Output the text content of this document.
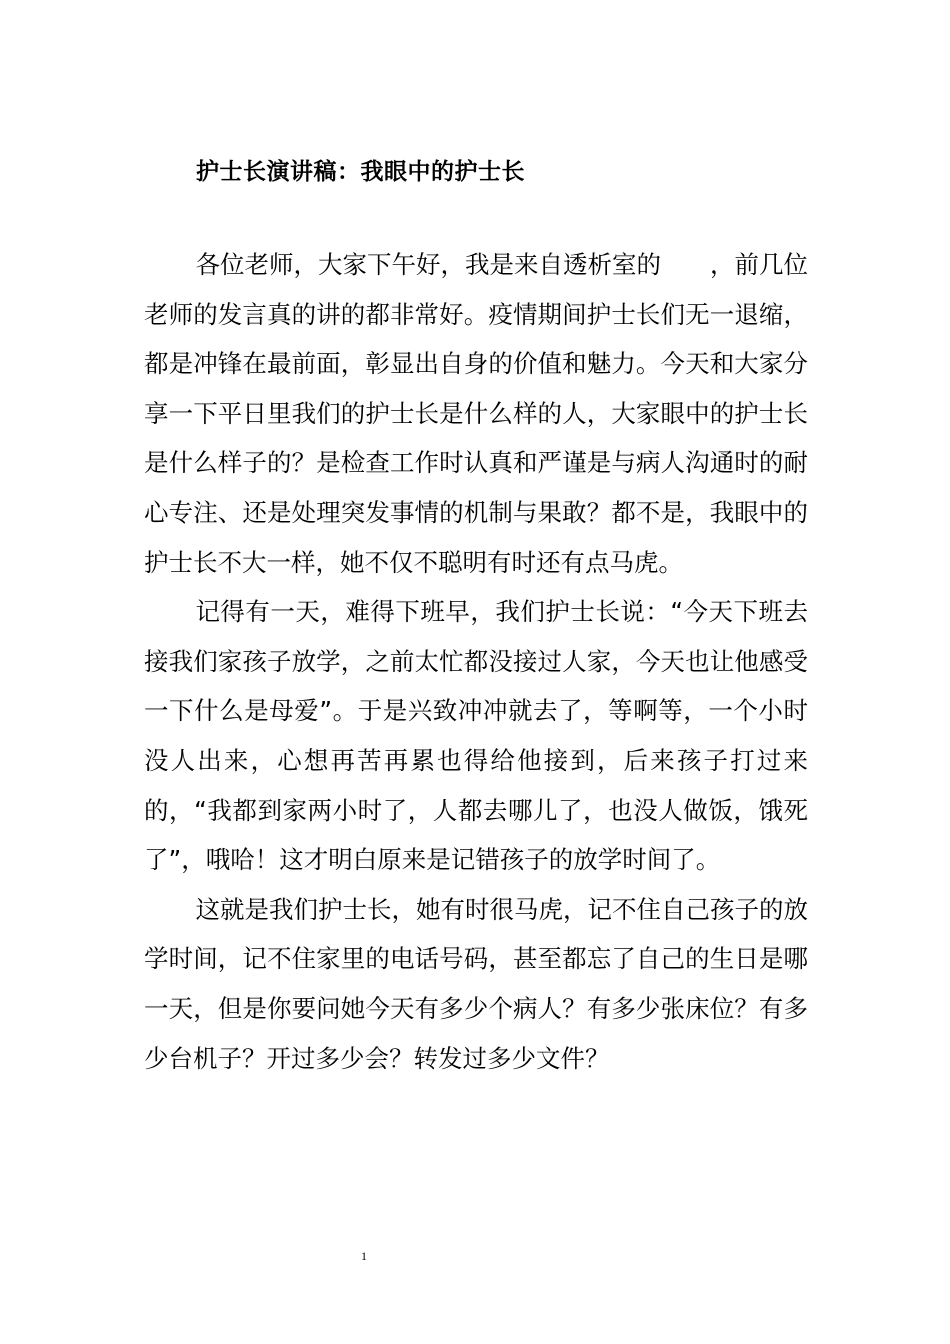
护士长演讲稿：我眼中的护士长

各位老师，大家下午好，我是来自透析室的　　，前几位老师的发言真的讲的都非常好。疫情期间护士长们无一退缩，都是冲锋在最前面，彰显出自身的价值和魅力。今天和大家分享一下平日里我们的护士长是什么样的人，大家眼中的护士长是什么样子的？是检查工作时认真和严谨是与病人沟通时的耐心专注、还是处理突发事情的机制与果敢？都不是，我眼中的护士长不大一样，她不仅不聪明有时还有点马虎。

记得有一天，难得下班早，我们护士长说：“今天下班去接我们家孩子放学，之前太忙都没接过人家，今天也让他感受一下什么是母爱”。于是兴致冲冲就去了，等啊等，一个小时没人出来，心想再苦再累也得给他接到，后来孩子打过来的，“我都到家两小时了，人都去哪儿了，也没人做饭，饿死了”，哦哈！这才明白原来是记错孩子的放学时间了。

这就是我们护士长，她有时很马虎，记不住自己孩子的放学时间，记不住家里的电话号码，甚至都忘了自己的生日是哪一天，但是你要问她今天有多少个病人？有多少张床位？有多少台机子？开过多少会？转发过多少文件？

1
